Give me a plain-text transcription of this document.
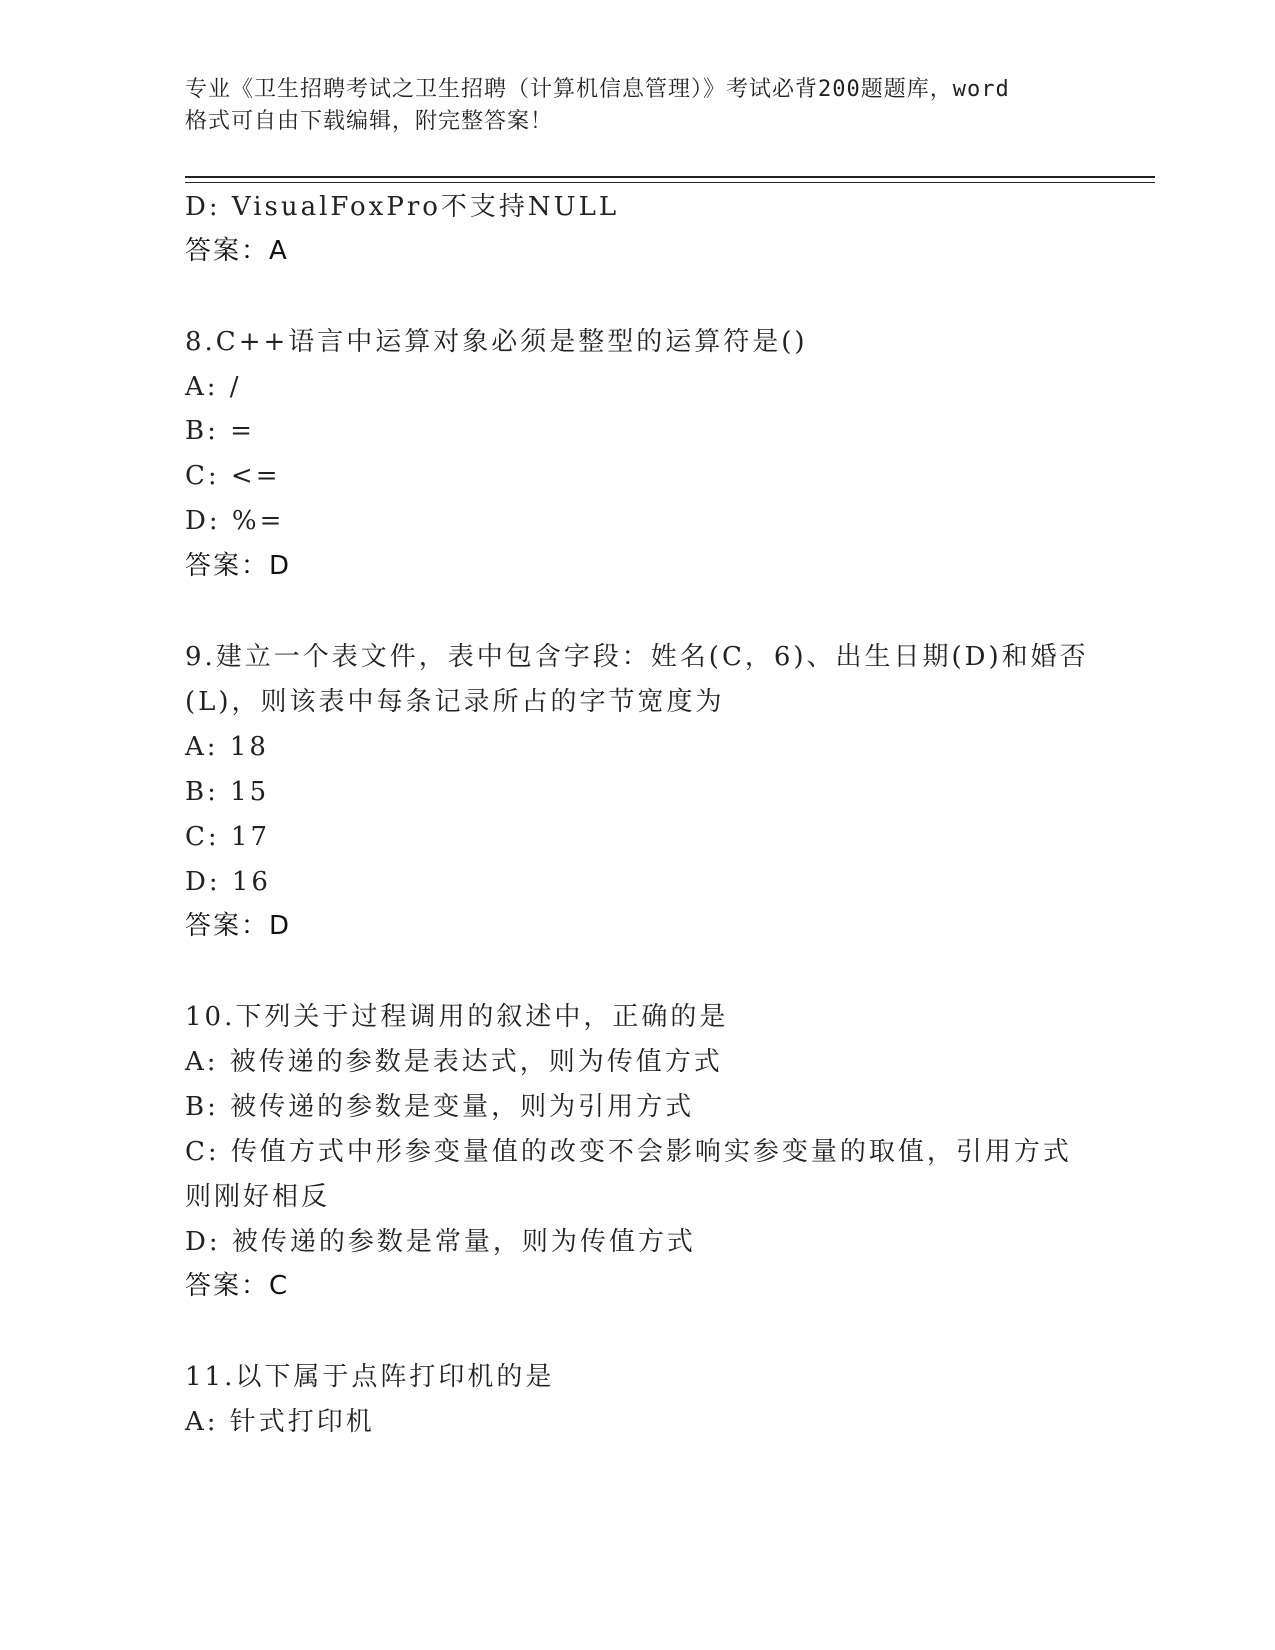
专业《卫生招聘考试之卫生招聘（计算机信息管理）》考试必背200题题库，word
格式可自由下载编辑，附完整答案！
D: VisualFoxPro不支持NULL
答案：A
8.C++语言中运算对象必须是整型的运算符是()
A: /
B: =
C: <=
D: %=
答案：D
9.建立一个表文件，表中包含字段：姓名(C，6)、出生日期(D)和婚否
(L)，则该表中每条记录所占的字节宽度为
A: 18
B: 15
C: 17
D: 16
答案：D
10.下列关于过程调用的叙述中，正确的是
A: 被传递的参数是表达式，则为传值方式
B: 被传递的参数是变量，则为引用方式
C: 传值方式中形参变量值的改变不会影响实参变量的取值，引用方式
则刚好相反
D: 被传递的参数是常量，则为传值方式
答案：C
11.以下属于点阵打印机的是
A: 针式打印机
